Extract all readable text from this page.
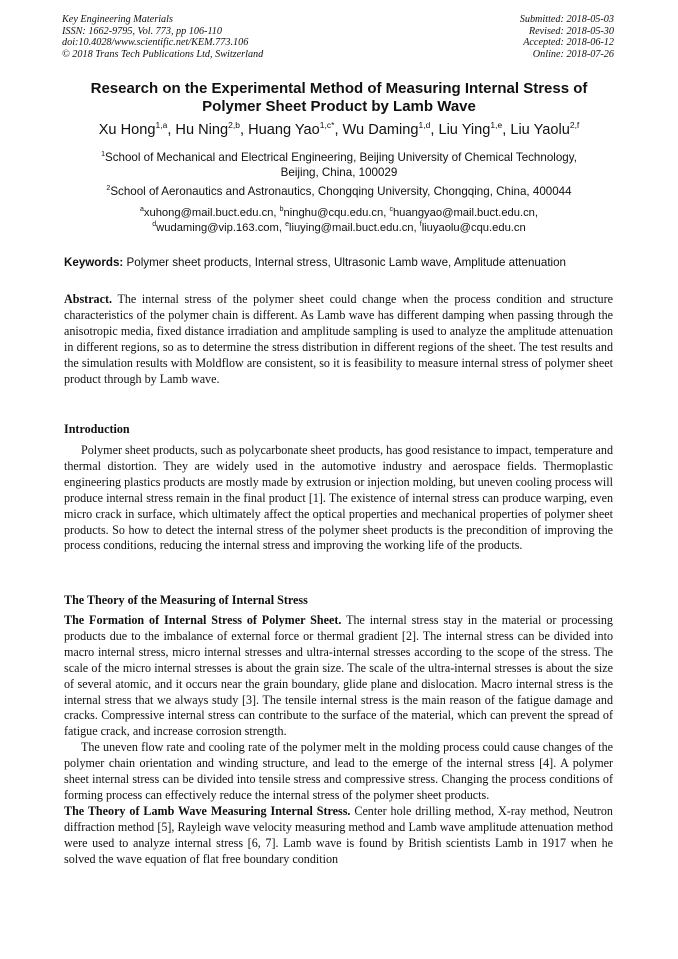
Key Engineering Materials
ISSN: 1662-9795, Vol. 773, pp 106-110
doi:10.4028/www.scientific.net/KEM.773.106
© 2018 Trans Tech Publications Ltd, Switzerland
Submitted: 2018-05-03
Revised: 2018-05-30
Accepted: 2018-06-12
Online: 2018-07-26
Research on the Experimental Method of Measuring Internal Stress of
Polymer Sheet Product by Lamb Wave
Xu Hong$^{1,a}$, Hu Ning$^{2,b}$, Huang Yao$^{1,c*}$, Wu Daming$^{1,d}$, Liu Ying$^{1,e}$, Liu Yaolu$^{2,f}$
$^1$School of Mechanical and Electrical Engineering, Beijing University of Chemical Technology,
Beijing, China, 100029
$^2$School of Aeronautics and Astronautics, Chongqing University, Chongqing, China, 400044
$^a$xuhong@mail.buct.edu.cn, $^b$ninghu@cqu.edu.cn, $^c$huangyao@mail.buct.edu.cn,
$^d$wudaming@vip.163.com, $^e$liuying@mail.buct.edu.cn, $^f$liuyaolu@cqu.edu.cn
Keywords: Polymer sheet products, Internal stress, Ultrasonic Lamb wave, Amplitude attenuation

Abstract. The internal stress of the polymer sheet could change when the process condition and structure characteristics of the polymer chain is different. As Lamb wave has different damping when passing through the anisotropic media, fixed distance irradiation and amplitude sampling is used to analyze the amplitude attenuation in different regions, so as to determine the stress distribution in different regions of the sheet. The test results and the simulation results with Moldflow are consistent, so it is feasibility to measure internal stress of polymer sheet product through by Lamb wave.

Introduction

Polymer sheet products, such as polycarbonate sheet products, has good resistance to impact, temperature and thermal distortion. They are widely used in the automotive industry and aerospace fields. Thermoplastic engineering plastics products are mostly made by extrusion or injection molding, but uneven cooling process will produce internal stress remain in the final product [1]. The existence of internal stress can produce warping, even micro crack in surface, which ultimately affect the optical properties and mechanical properties of polymer sheet products. So how to detect the internal stress of the polymer sheet products is the precondition of improving the process conditions, reducing the internal stress and improving the working life of the products.

The Theory of the Measuring of Internal Stress

The Formation of Internal Stress of Polymer Sheet. The internal stress stay in the material or processing products due to the imbalance of external force or thermal gradient [2]. The internal stress can be divided into macro internal stress, micro internal stresses and ultra-internal stresses according to the scope of the stress. The scale of the micro internal stresses is about the grain size. The scale of the ultra-internal stresses is about the size of several atomic, and it occurs near the grain boundary, glide plane and dislocation. Macro internal stress is the internal stress that we always study [3]. The tensile internal stress is the main reason of the fatigue damage and cracks. Compressive internal stress can contribute to the surface of the material, which can prevent the spread of fatigue crack, and increase corrosion strength.

The uneven flow rate and cooling rate of the polymer melt in the molding process could cause changes of the polymer chain orientation and winding structure, and lead to the emerge of the internal stress [4]. A polymer sheet internal stress can be divided into tensile stress and compressive stress. Changing the process conditions of forming process can effectively reduce the internal stress of the polymer sheet products.

The Theory of Lamb Wave Measuring Internal Stress. Center hole drilling method, X-ray method, Neutron diffraction method [5], Rayleigh wave velocity measuring method and Lamb wave amplitude attenuation method were used to analyze internal stress [6, 7]. Lamb wave is found by British scientists Lamb in 1917 when he solved the wave equation of flat free boundary condition
